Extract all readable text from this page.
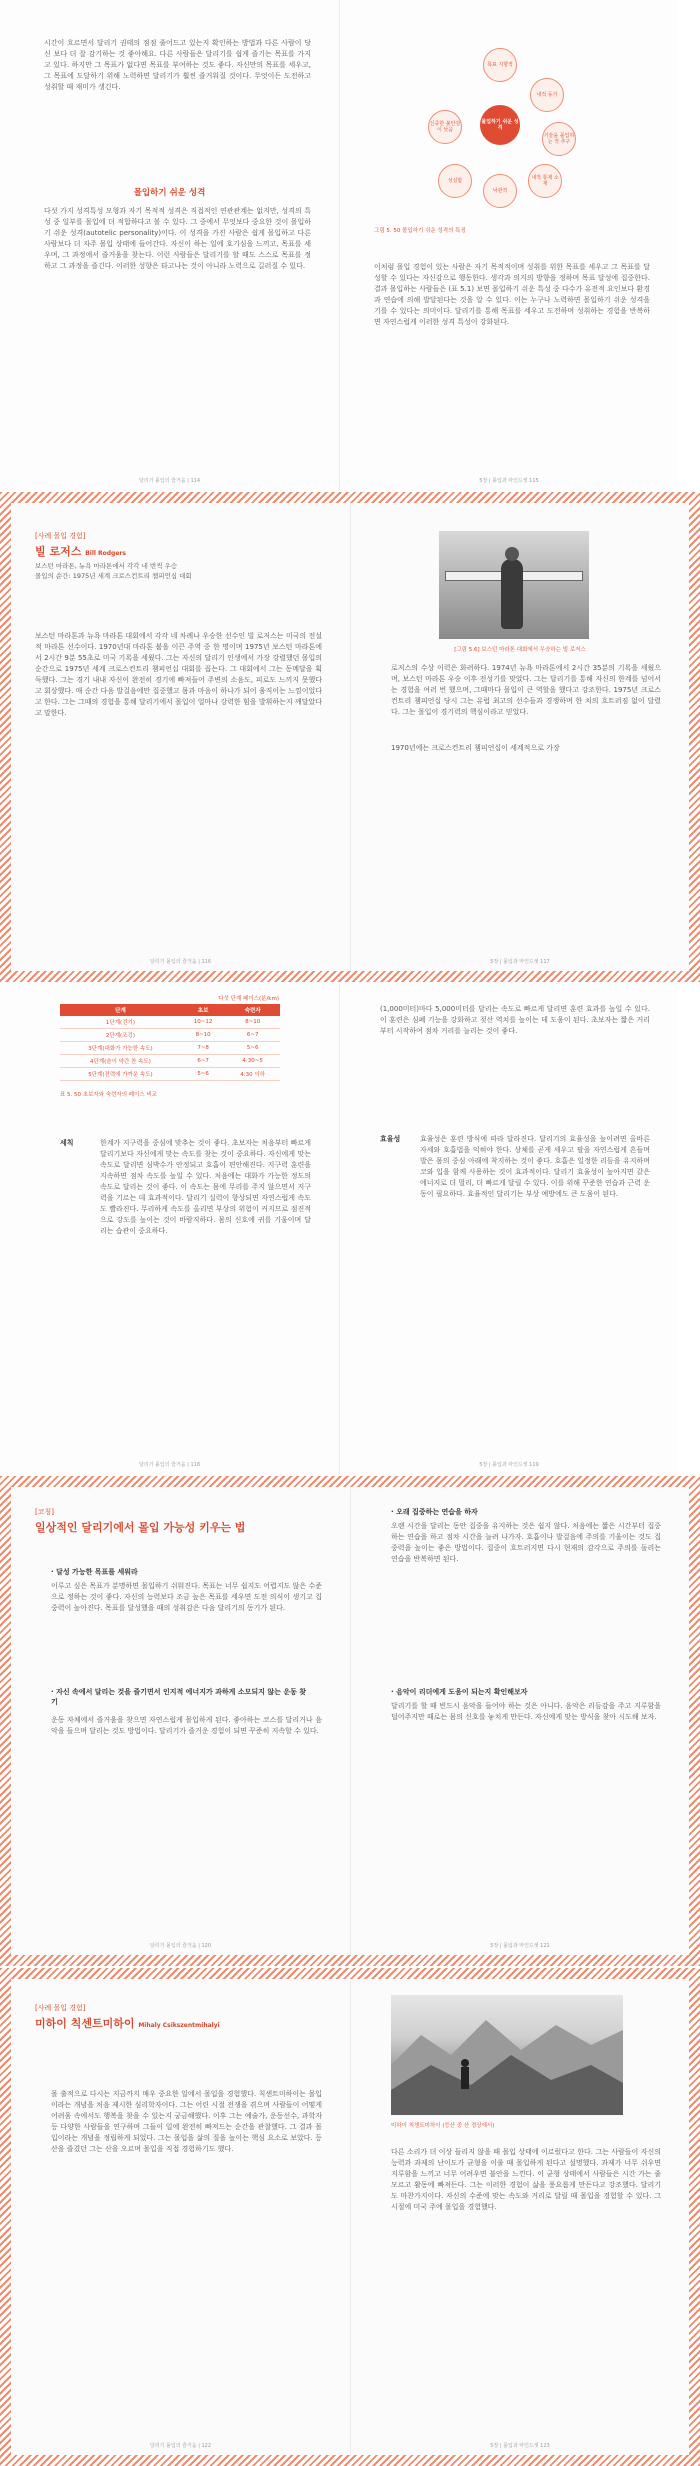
시간이 흐르면서 달리기 권태의 점점 줄어드고 있는지 확인하는 방법과 다른 사람이 당신 보다 더 잘 감기하는 것 좋아해요. 다른 사람들은 달리기를 쉽게 즐기는 목표를 가지고 있다. 하지만 그 목표가 없다면 목표를 부여하는 것도 좋다. 자신만의 목표를 세우고, 그 목표에 도달하기 위해 노력하면 달리기가 훨씬 즐거워질 것이다. 무엇이든 도전하고 성취할 때 재미가 생긴다.
몰입하기 쉬운 성격
다섯 가지 성격특성 모형과 자기 목적적 성격은 직접적인 연관관계는 없지만, 성격의 특성 중 일부를 몰입에 더 적합하다고 볼 수 있다. 그 중에서 무엇보다 중요한 것이 몰입하기 쉬운 성격(autotelic personality)이다. 이 성격을 가진 사람은 쉽게 몰입하고 다른 사람보다 더 자주 몰입 상태에 들어간다. 자신이 하는 일에 호기심을 느끼고, 목표를 세우며, 그 과정에서 즐거움을 찾는다. 이런 사람들은 달리기를 할 때도 스스로 목표를 정하고 그 과정을 즐긴다. 이러한 성향은 타고나는 것이 아니라 노력으로 길러질 수 있다.
달리기 몰입의 즐거움 | 114
몰입하기 쉬운 성격
목표 지향적
내적 동기
기술을 몰입하는 것 추구
내적 통제 소재
낙관적
성실함
신중한 불안감이 낮음
그림 5. 50 몰입하기 쉬운 성격의 특징
이처럼 몰입 경험이 있는 사람은 자기 목적적이며 성취를 위한 목표를 세우고 그 목표를 달성할 수 있다는 자신감으로 행동한다. 생각과 의지의 방향을 정하며 목표 달성에 집중한다. 결과 몰입하는 사람들은 (표 5.1) 보면 몰입하기 쉬운 특성 중 다수가 유전적 요인보다 환경과 연습에 의해 발달된다는 것을 알 수 있다. 이는 누구나 노력하면 몰입하기 쉬운 성격을 기를 수 있다는 의미이다. 달리기를 통해 목표를 세우고 도전하며 성취하는 경험을 반복하면 자연스럽게 이러한 성격 특성이 강화된다.
5장 | 몰입과 마인드셋 115
[사례 몰입 경험]
빌 로저스 Bill Rodgers
보스턴 마라톤, 뉴욕 마라톤에서 각각 네 번씩 우승
몰입의 순간: 1975년 세계 크로스컨트리 챔피언십 대회
보스턴 마라톤과 뉴욕 마라톤 대회에서 각각 네 차례나 우승한 선수인 빌 로저스는 미국의 전설적 마라톤 선수이다. 1970년대 마라톤 붐을 이끈 주역 중 한 명이며 1975년 보스턴 마라톤에서 2시간 9분 55초로 미국 기록을 세웠다. 그는 자신의 달리기 인생에서 가장 강렬했던 몰입의 순간으로 1975년 세계 크로스컨트리 챔피언십 대회를 꼽는다. 그 대회에서 그는 동메달을 획득했다. 그는 경기 내내 자신이 완전히 경기에 빠져들어 주변의 소음도, 피로도 느끼지 못했다고 회상했다. 매 순간 다음 발걸음에만 집중했고 몸과 마음이 하나가 되어 움직이는 느낌이었다고 한다. 그는 그때의 경험을 통해 달리기에서 몰입이 얼마나 강력한 힘을 발휘하는지 깨달았다고 말한다.
달리기 몰입의 즐거움 | 116
[그림 5.6] 보스턴 마라톤 대회에서 우승하는 빌 로저스
로저스의 수상 이력은 화려하다. 1974년 뉴욕 마라톤에서 2시간 35분의 기록을 세웠으며, 보스턴 마라톤 우승 이후 전성기를 맞았다. 그는 달리기를 통해 자신의 한계를 넘어서는 경험을 여러 번 했으며, 그때마다 몰입이 큰 역할을 했다고 강조한다. 1975년 크로스컨트리 챔피언십 당시 그는 유럽 최고의 선수들과 경쟁하며 한 치의 흐트러짐 없이 달렸다. 그는 몰입이 경기력의 핵심이라고 믿었다.
1970년에는 크로스컨트리 챔피언십이 세계적으로 가장
5장 | 몰입과 마인드셋 117
다섯 단계 페이스(분/km)
단계	초보	숙련자
1단계(걷기)	10~12	8~10
2단계(조깅)	8~10	6~7
3단계(대화가 가능한 속도)	7~8	5~6
4단계(숨이 약간 찬 속도)	6~7	4:30~5
5단계(전력에 가까운 속도)	5~6	4:30 이하
표 5. 50 초보자와 숙련자의 페이스 비교
세칙	한계가 지구력을 중심에 맞추는 것이 좋다. 초보자는 처음부터 빠르게 달리기보다 자신에게 맞는 속도를 찾는 것이 중요하다. 자신에게 맞는 속도로 달리면 심박수가 안정되고 호흡이 편안해진다. 지구력 훈련을 지속하면 점차 속도를 높일 수 있다. 처음에는 대화가 가능한 정도의 속도로 달리는 것이 좋다. 이 속도는 몸에 무리를 주지 않으면서 지구력을 기르는 데 효과적이다. 달리기 실력이 향상되면 자연스럽게 속도도 빨라진다. 무리하게 속도를 올리면 부상의 위험이 커지므로 점진적으로 강도를 높이는 것이 바람직하다. 몸의 신호에 귀를 기울이며 달리는 습관이 중요하다.
달리기 몰입의 즐거움 | 118
(1,000미터)마다 5,000미터를 달리는 속도로 빠르게 달리면 훈련 효과를 높일 수 있다. 이 훈련은 심폐 기능을 강화하고 젖산 역치를 높이는 데 도움이 된다. 초보자는 짧은 거리부터 시작하여 점차 거리를 늘리는 것이 좋다.
효율성	효율성은 훈련 방식에 따라 달라진다. 달리기의 효율성을 높이려면 올바른 자세와 호흡법을 익혀야 한다. 상체를 곧게 세우고 팔을 자연스럽게 흔들며 발은 몸의 중심 아래에 착지하는 것이 좋다. 호흡은 일정한 리듬을 유지하며 코와 입을 함께 사용하는 것이 효과적이다. 달리기 효율성이 높아지면 같은 에너지로 더 멀리, 더 빠르게 달릴 수 있다. 이를 위해 꾸준한 연습과 근력 운동이 필요하다. 효율적인 달리기는 부상 예방에도 큰 도움이 된다.
5장 | 몰입과 마인드셋 119
[코칭]
일상적인 달리기에서 몰입 가능성 키우는 법
· 달성 가능한 목표를 세워라
이루고 싶은 목표가 분명하면 몰입하기 쉬워진다. 목표는 너무 쉽지도 어렵지도 않은 수준으로 정하는 것이 좋다. 자신의 능력보다 조금 높은 목표를 세우면 도전 의식이 생기고 집중력이 높아진다. 목표를 달성했을 때의 성취감은 다음 달리기의 동기가 된다.
· 자신 속에서 달리는 것을 즐기면서 인지적 에너지가 과하게 소모되지 않는 운동 찾기
운동 자체에서 즐거움을 찾으면 자연스럽게 몰입하게 된다. 좋아하는 코스를 달리거나 음악을 들으며 달리는 것도 방법이다. 달리기가 즐거운 경험이 되면 꾸준히 지속할 수 있다.
달리기 몰입의 즐거움 | 120
· 오래 집중하는 연습을 하자
오랜 시간을 달리는 동안 집중을 유지하는 것은 쉽지 않다. 처음에는 짧은 시간부터 집중하는 연습을 하고 점차 시간을 늘려 나가자. 호흡이나 발걸음에 주의를 기울이는 것도 집중력을 높이는 좋은 방법이다. 집중이 흐트러지면 다시 현재의 감각으로 주의를 돌리는 연습을 반복하면 된다.
· 음악이 리더에게 도움이 되는지 확인해보자
달리기를 할 때 빈드시 음악을 들어야 하는 것은 아니다. 음악은 리듬감을 주고 지루함을 덜어주지만 때로는 몸의 신호를 놓치게 만든다. 자신에게 맞는 방식을 찾아 시도해 보자.
5장 | 몰입과 마인드셋 121
[사례 몰입 경험]
미하이 칙센트미하이 Mihaly Csikszentmihalyi
몰 출적으로 다시는 지금까지 매우 중요한 일에서 몰입을 경험했다. 칙센트미하이는 몰입이라는 개념을 처음 제시한 심리학자이다. 그는 어린 시절 전쟁을 겪으며 사람들이 어떻게 어려움 속에서도 행복을 찾을 수 있는지 궁금해했다. 이후 그는 예술가, 운동선수, 과학자 등 다양한 사람들을 연구하며 그들이 일에 완전히 빠져드는 순간을 관찰했다. 그 결과 몰입이라는 개념을 정립하게 되었다. 그는 몰입을 삶의 질을 높이는 핵심 요소로 보았다. 등산을 즐겼던 그는 산을 오르며 몰입을 직접 경험하기도 했다.
달리기 몰입의 즐거움 | 122
미하이 칙센트미하이 (등산 중 산 정상에서)
다른 소리가 더 이상 들리지 않을 때 몰입 상태에 이르렀다고 한다. 그는 사람들이 자신의 능력과 과제의 난이도가 균형을 이룰 때 몰입하게 된다고 설명했다. 과제가 너무 쉬우면 지루함을 느끼고 너무 어려우면 불안을 느낀다. 이 균형 상태에서 사람들은 시간 가는 줄 모르고 활동에 빠져든다. 그는 이러한 경험이 삶을 풍요롭게 만든다고 강조했다. 달리기도 마찬가지이다. 자신의 수준에 맞는 속도와 거리로 달릴 때 몰입을 경험할 수 있다. 그 시절에 미국 주에 몰입을 경험했다.
5장 | 몰입과 마인드셋 123
